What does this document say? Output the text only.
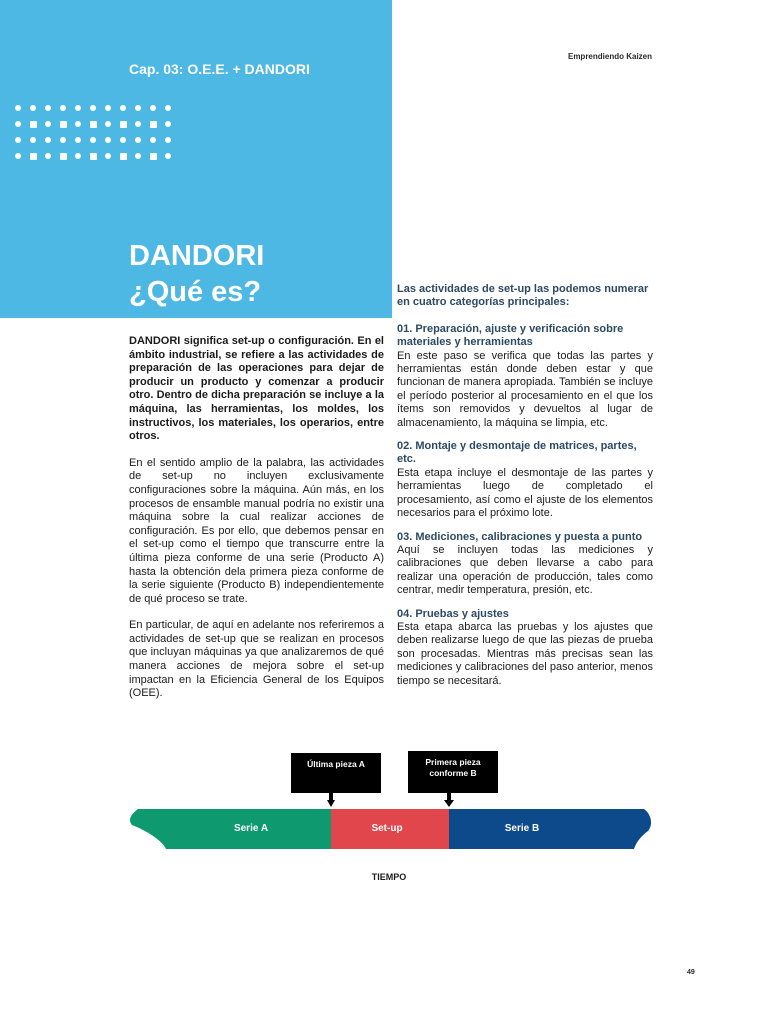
Cap. 03: O.E.E. + DANDORI
DANDORI
¿Qué es?
Emprendiendo Kaizen

DANDORI significa set-up o configuración. En el ámbito industrial, se refiere a las actividades de preparación de las operaciones para dejar de producir un producto y comenzar a producir otro. Dentro de dicha preparación se incluye a la máquina, las herramientas, los moldes, los instructivos, los materiales, los operarios, entre otros.

En el sentido amplio de la palabra, las actividades de set-up no incluyen exclusivamente configuraciones sobre la máquina. Aún más, en los procesos de ensamble manual podría no existir una máquina sobre la cual realizar acciones de configuración. Es por ello, que debemos pensar en el set-up como el tiempo que transcurre entre la última pieza conforme de una serie (Producto A) hasta la obtención dela primera pieza conforme de la serie siguiente (Producto B) independientemente de qué proceso se trate.

En particular, de aquí en adelante nos referiremos a actividades de set-up que se realizan en procesos que incluyan máquinas ya que analizaremos de qué manera acciones de mejora sobre el set-up impactan en la Eficiencia General de los Equipos (OEE).

Las actividades de set-up las podemos numerar en cuatro categorías principales:

01. Preparación, ajuste y verificación sobre materiales y herramientas

En este paso se verifica que todas las partes y herramientas están donde deben estar y que funcionan de manera apropiada. También se incluye el período posterior al procesamiento en el que los ítems son removidos y devueltos al lugar de almacenamiento, la máquina se limpia, etc.

02. Montaje y desmontaje de matrices, partes, etc.

Esta etapa incluye el desmontaje de las partes y herramientas luego de completado el procesamiento, así como el ajuste de los elementos necesarios para el próximo lote.

03. Mediciones, calibraciones y puesta a punto

Aquí se incluyen todas las mediciones y calibraciones que deben llevarse a cabo para realizar una operación de producción, tales como centrar, medir temperatura, presión, etc.

04. Pruebas y ajustes

Esta etapa abarca las pruebas y los ajustes que deben realizarse luego de que las piezas de prueba son procesadas. Mientras más precisas sean las mediciones y calibraciones del paso anterior, menos tiempo se necesitará.

Última pieza A	Primera pieza conforme B
Serie A	Set-up	Serie B
TIEMPO
49
